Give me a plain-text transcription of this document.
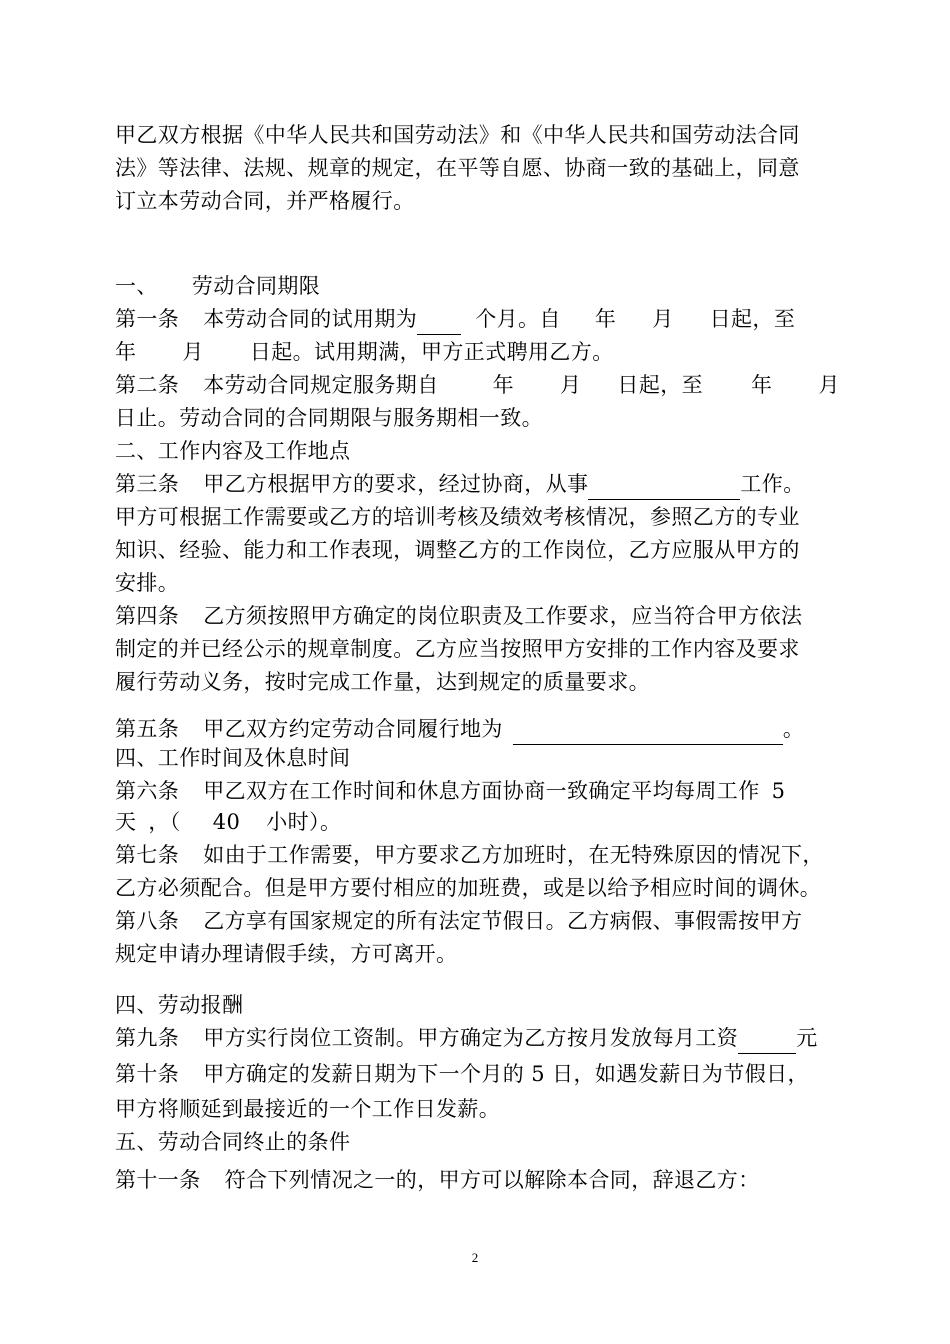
甲乙双方根据《中华人民共和国劳动法》和《中华人民共和国劳动法合同
法》等法律、法规、规章的规定，在平等自愿、协商一致的基础上，同意
订立本劳动合同，并严格履行。
一、 劳动合同期限
第一条 本劳动合同的试用期为	个月。自 年 月 日起，至
年 月 日起。试用期满，甲方正式聘用乙方。
第二条 本劳动合同规定服务期自	年 月 日起，至 年 月
日止。劳动合同的合同期限与服务期相一致。
二、工作内容及工作地点
第三条 甲乙方根据甲方的要求，经过协商，从事	工作。
甲方可根据工作需要或乙方的培训考核及绩效考核情况，参照乙方的专业
知识、经验、能力和工作表现，调整乙方的工作岗位，乙方应服从甲方的
安排。
第四条 乙方须按照甲方确定的岗位职责及工作要求，应当符合甲方依法
制定的并已经公示的规章制度。乙方应当按照甲方安排的工作内容及要求
履行劳动义务，按时完成工作量，达到规定的质量要求。
第五条 甲乙双方约定劳动合同履行地为	。
四、工作时间及休息时间
第六条 甲乙双方在工作时间和休息方面协商一致确定平均每周工作 5
天 ，（ 40 小时）。
第七条 如由于工作需要，甲方要求乙方加班时，在无特殊原因的情况下，
乙方必须配合。但是甲方要付相应的加班费，或是以给予相应时间的调休。
第八条 乙方享有国家规定的所有法定节假日。乙方病假、事假需按甲方
规定申请办理请假手续，方可离开。
四、劳动报酬
第九条 甲方实行岗位工资制。甲方确定为乙方按月发放每月工资	元
第十条 甲方确定的发薪日期为下一个月的 5 日，如遇发薪日为节假日，
甲方将顺延到最接近的一个工作日发薪。
五、劳动合同终止的条件
第十一条 符合下列情况之一的，甲方可以解除本合同，辞退乙方：
2
